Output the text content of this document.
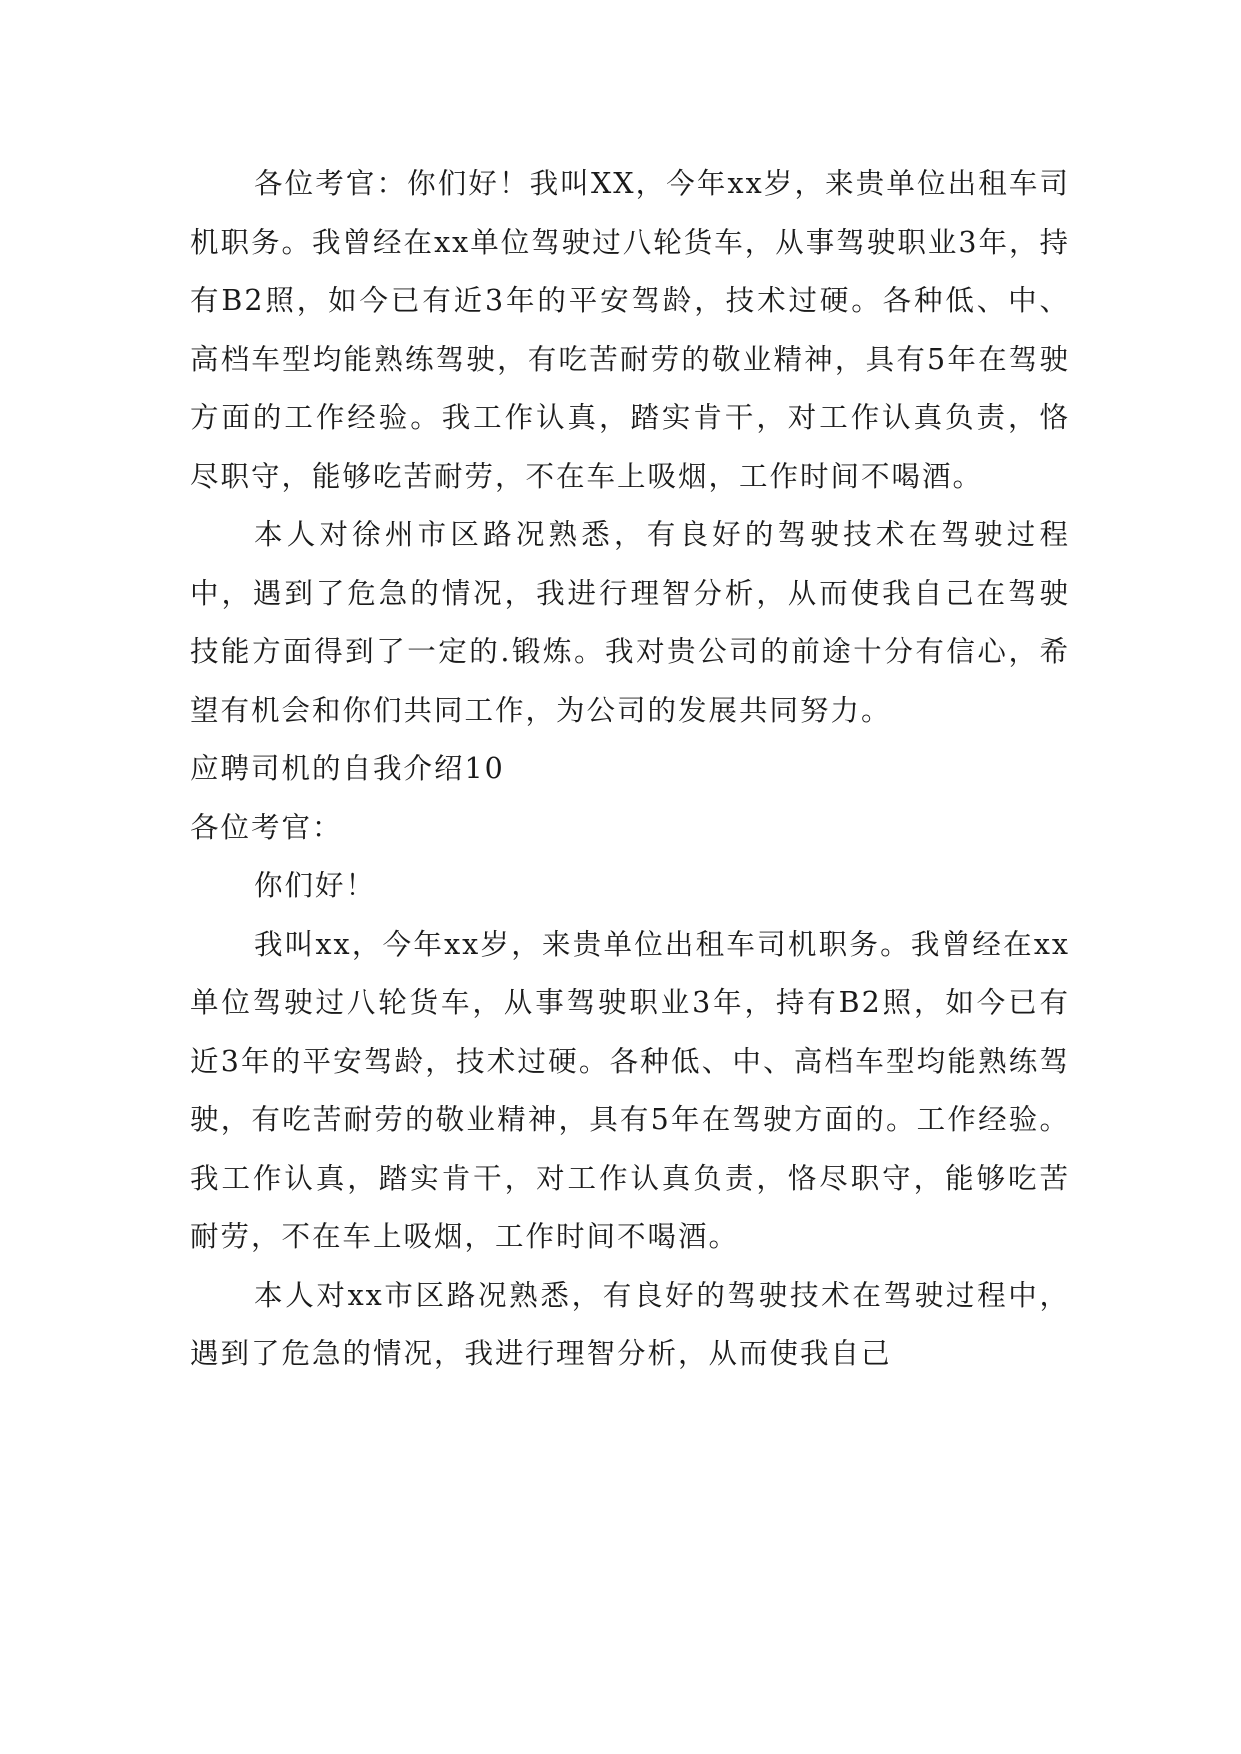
各位考官：你们好！我叫XX，今年xx岁，来贵单位出租车司机职务。我曾经在xx单位驾驶过八轮货车，从事驾驶职业3年，持有B2照，如今已有近3年的平安驾龄，技术过硬。各种低、中、高档车型均能熟练驾驶，有吃苦耐劳的敬业精神，具有5年在驾驶方面的工作经验。我工作认真，踏实肯干，对工作认真负责，恪尽职守，能够吃苦耐劳，不在车上吸烟，工作时间不喝酒。

本人对徐州市区路况熟悉，有良好的驾驶技术在驾驶过程中，遇到了危急的情况，我进行理智分析，从而使我自己在驾驶技能方面得到了一定的.锻炼。我对贵公司的前途十分有信心，希望有机会和你们共同工作，为公司的发展共同努力。

应聘司机的自我介绍10

各位考官：

你们好！

我叫xx，今年xx岁，来贵单位出租车司机职务。我曾经在xx单位驾驶过八轮货车，从事驾驶职业3年，持有B2照，如今已有近3年的平安驾龄，技术过硬。各种低、中、高档车型均能熟练驾驶，有吃苦耐劳的敬业精神，具有5年在驾驶方面的。工作经验。我工作认真，踏实肯干，对工作认真负责，恪尽职守，能够吃苦耐劳，不在车上吸烟，工作时间不喝酒。

本人对xx市区路况熟悉，有良好的驾驶技术在驾驶过程中，遇到了危急的情况，我进行理智分析，从而使我自己
